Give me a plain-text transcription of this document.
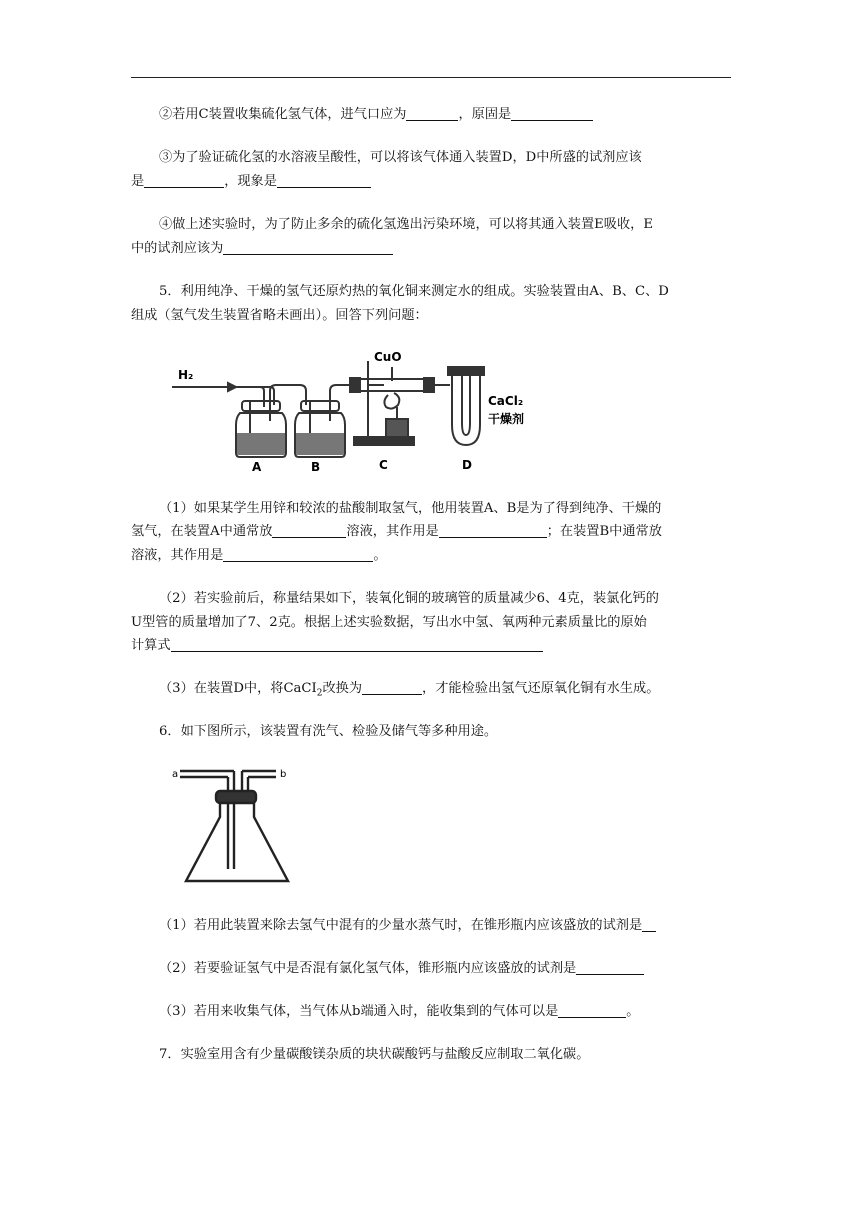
②若用C装置收集硫化氢气体，进气口应为	，原固是

③为了验证硫化氢的水溶液呈酸性，可以将该气体通入装置D，D中所盛的试剂应该

是	，现象是

④做上述实验时，为了防止多余的硫化氢逸出污染环境，可以将其通入装置E吸收，E

中的试剂应该为

5．利用纯净、干燥的氢气还原灼热的氧化铜来测定水的组成。实验装置由A、B、C、D

组成（氢气发生装置省略未画出）。回答下列问题：

H₂
CuO
CaCl₂
干燥剂
A	B	C	D

（1）如果某学生用锌和较浓的盐酸制取氢气，他用装置A、B是为了得到纯净、干燥的

氢气，在装置A中通常放	溶液，其作用是	；在装置B中通常放

溶液，其作用是	。

（2）若实验前后，称量结果如下，装氧化铜的玻璃管的质量减少6、4克，装氯化钙的

U型管的质量增加了7、2克。根据上述实验数据，写出水中氢、氧两种元素质量比的原始

计算式

（3）在装置D中，将CaCI$_2$改换为	，才能检验出氢气还原氧化铜有水生成。

6．如下图所示，该装置有洗气、检验及储气等多种用途。

a	b

（1）若用此装置来除去氢气中混有的少量水蒸气时，在锥形瓶内应该盛放的试剂是

（2）若要验证氢气中是否混有氯化氢气体，锥形瓶内应该盛放的试剂是

（3）若用来收集气体，当气体从b端通入时，能收集到的气体可以是	。

7．实验室用含有少量碳酸镁杂质的块状碳酸钙与盐酸反应制取二氧化碳。
